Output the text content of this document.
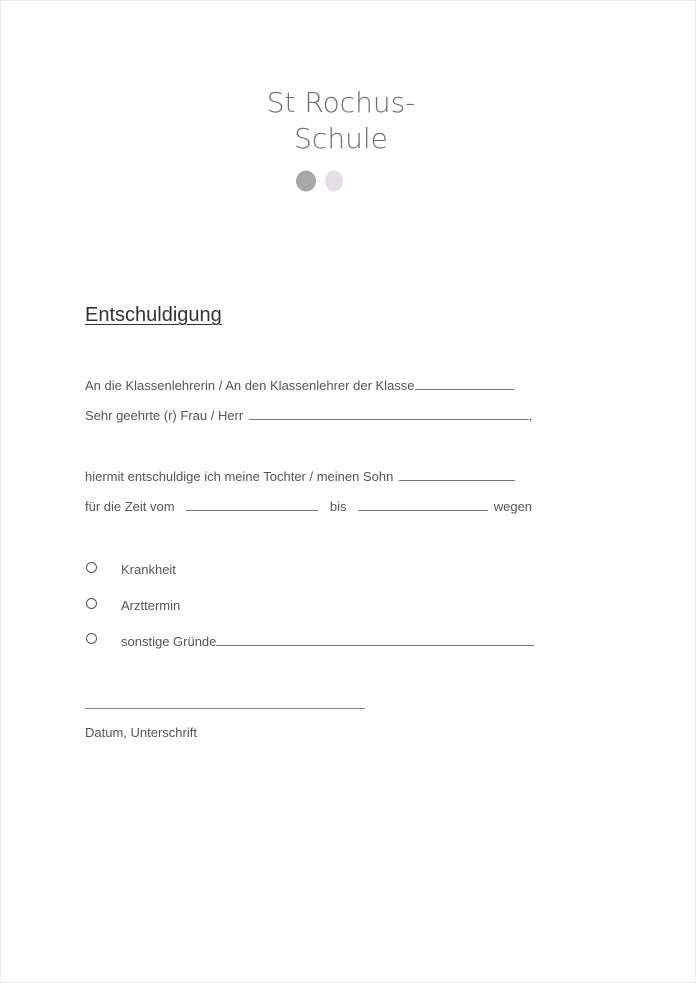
St Rochus-
Schule
Entschuldigung
An die Klassenlehrerin / An den Klassenlehrer der Klasse
Sehr geehrte (r) Frau / Herr	,
hiermit entschuldige ich meine Tochter / meinen Sohn
für die Zeit vom	bis	wegen
Krankheit
Arzttermin
sonstige Gründe
Datum, Unterschrift
